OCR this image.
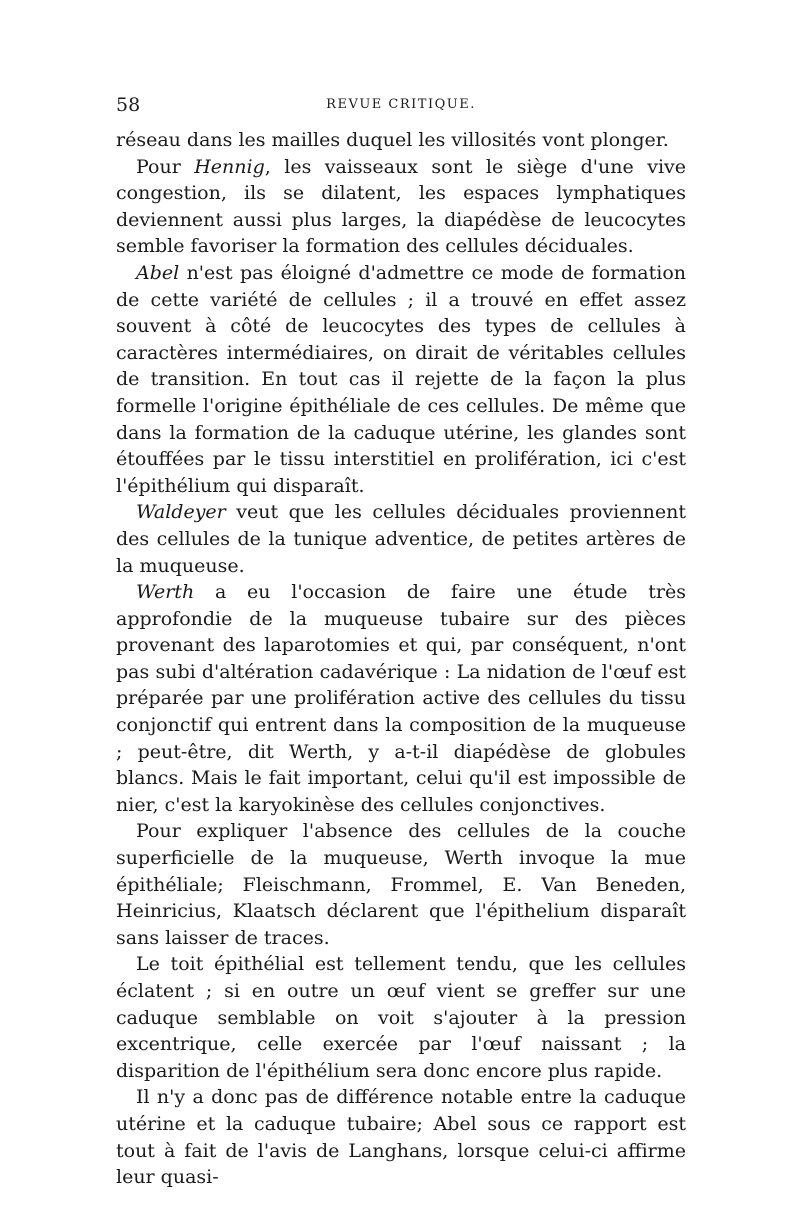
58	REVUE CRITIQUE.

réseau dans les mailles duquel les villosités vont plonger.

Pour Hennig, les vaisseaux sont le siège d'une vive congestion, ils se dilatent, les espaces lymphatiques deviennent aussi plus larges, la diapédèse de leucocytes semble favoriser la formation des cellules déciduales.

Abel n'est pas éloigné d'admettre ce mode de formation de cette variété de cellules ; il a trouvé en effet assez souvent à côté de leucocytes des types de cellules à caractères intermédiaires, on dirait de véritables cellules de transition. En tout cas il rejette de la façon la plus formelle l'origine épithéliale de ces cellules. De même que dans la formation de la caduque utérine, les glandes sont étouffées par le tissu interstitiel en prolifération, ici c'est l'épithélium qui disparaît.

Waldeyer veut que les cellules déciduales proviennent des cellules de la tunique adventice, de petites artères de la muqueuse.

Werth a eu l'occasion de faire une étude très approfondie de la muqueuse tubaire sur des pièces provenant des laparotomies et qui, par conséquent, n'ont pas subi d'altération cadavérique : La nidation de l'œuf est préparée par une prolifération active des cellules du tissu conjonctif qui entrent dans la composition de la muqueuse ; peut-être, dit Werth, y a-t-il diapédèse de globules blancs. Mais le fait important, celui qu'il est impossible de nier, c'est la karyokinèse des cellules conjonctives.

Pour expliquer l'absence des cellules de la couche superficielle de la muqueuse, Werth invoque la mue épithéliale; Fleischmann, Frommel, E. Van Beneden, Heinricius, Klaatsch déclarent que l'épithelium disparaît sans laisser de traces.

Le toit épithélial est tellement tendu, que les cellules éclatent ; si en outre un œuf vient se greffer sur une caduque semblable on voit s'ajouter à la pression excentrique, celle exercée par l'œuf naissant ; la disparition de l'épithélium sera donc encore plus rapide.

Il n'y a donc pas de différence notable entre la caduque utérine et la caduque tubaire; Abel sous ce rapport est tout à fait de l'avis de Langhans, lorsque celui-ci affirme leur quasi-
